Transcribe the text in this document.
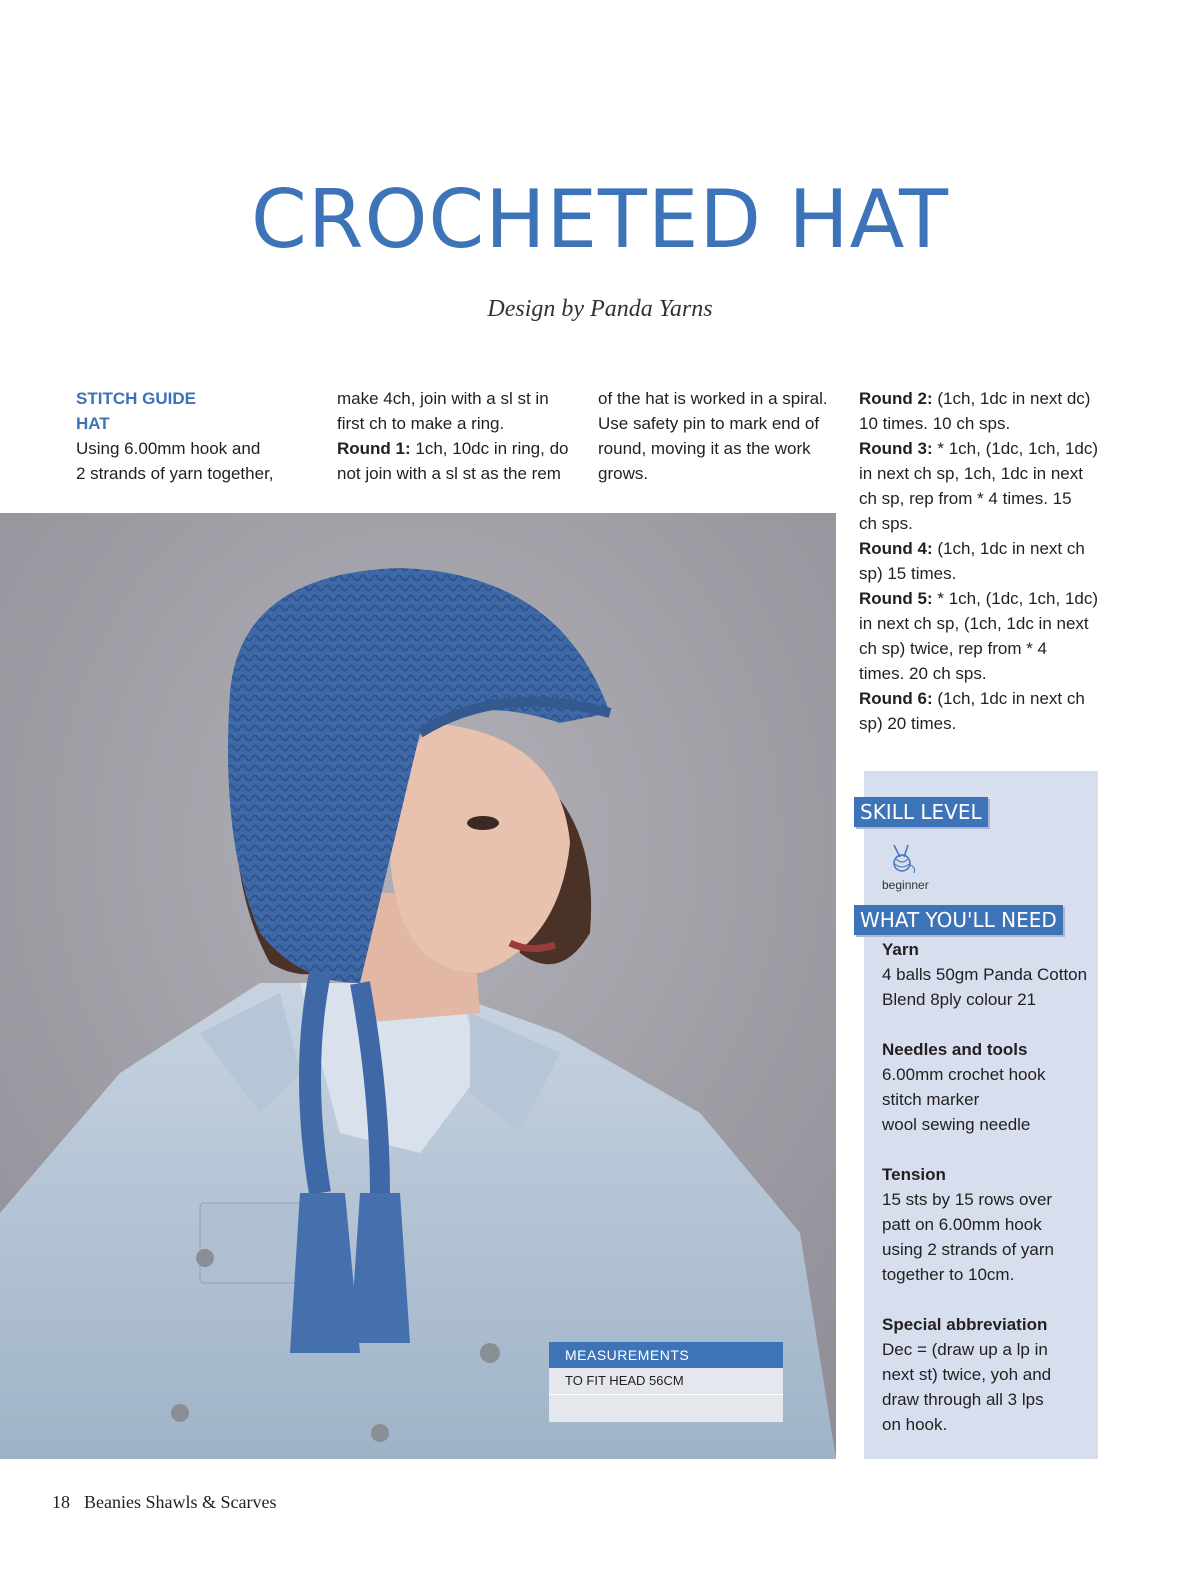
CROCHETED HAT
Design by Panda Yarns

STITCH GUIDE

HAT

Using 6.00mm hook and

2 strands of yarn together,

make 4ch, join with a sl st in

first ch to make a ring.

Round 1: 1ch, 10dc in ring, do

not join with a sl st as the rem

of the hat is worked in a spiral.

Use safety pin to mark end of

round, moving it as the work

grows.

Round 2: (1ch, 1dc in next dc)

10 times. 10 ch sps.

Round 3: * 1ch, (1dc, 1ch, 1dc)

in next ch sp, 1ch, 1dc in next

ch sp, rep from * 4 times. 15

ch sps.

Round 4: (1ch, 1dc in next ch

sp) 15 times.

Round 5: * 1ch, (1dc, 1ch, 1dc)

in next ch sp, (1ch, 1dc in next

ch sp) twice, rep from * 4

times. 20 ch sps.

Round 6: (1ch, 1dc in next ch

sp) 20 times.

MEASUREMENTS
TO FIT HEAD 56CM
SKILL LEVEL
beginner
WHAT YOU'LL NEED

Yarn

4 balls 50gm Panda Cotton

Blend 8ply colour 21

Needles and tools

6.00mm crochet hook

stitch marker

wool sewing needle

Tension

15 sts by 15 rows over

patt on 6.00mm hook

using 2 strands of yarn

together to 10cm.

Special abbreviation

Dec = (draw up a lp in

next st) twice, yoh and

draw through all 3 lps

on hook.

18 Beanies Shawls & Scarves
